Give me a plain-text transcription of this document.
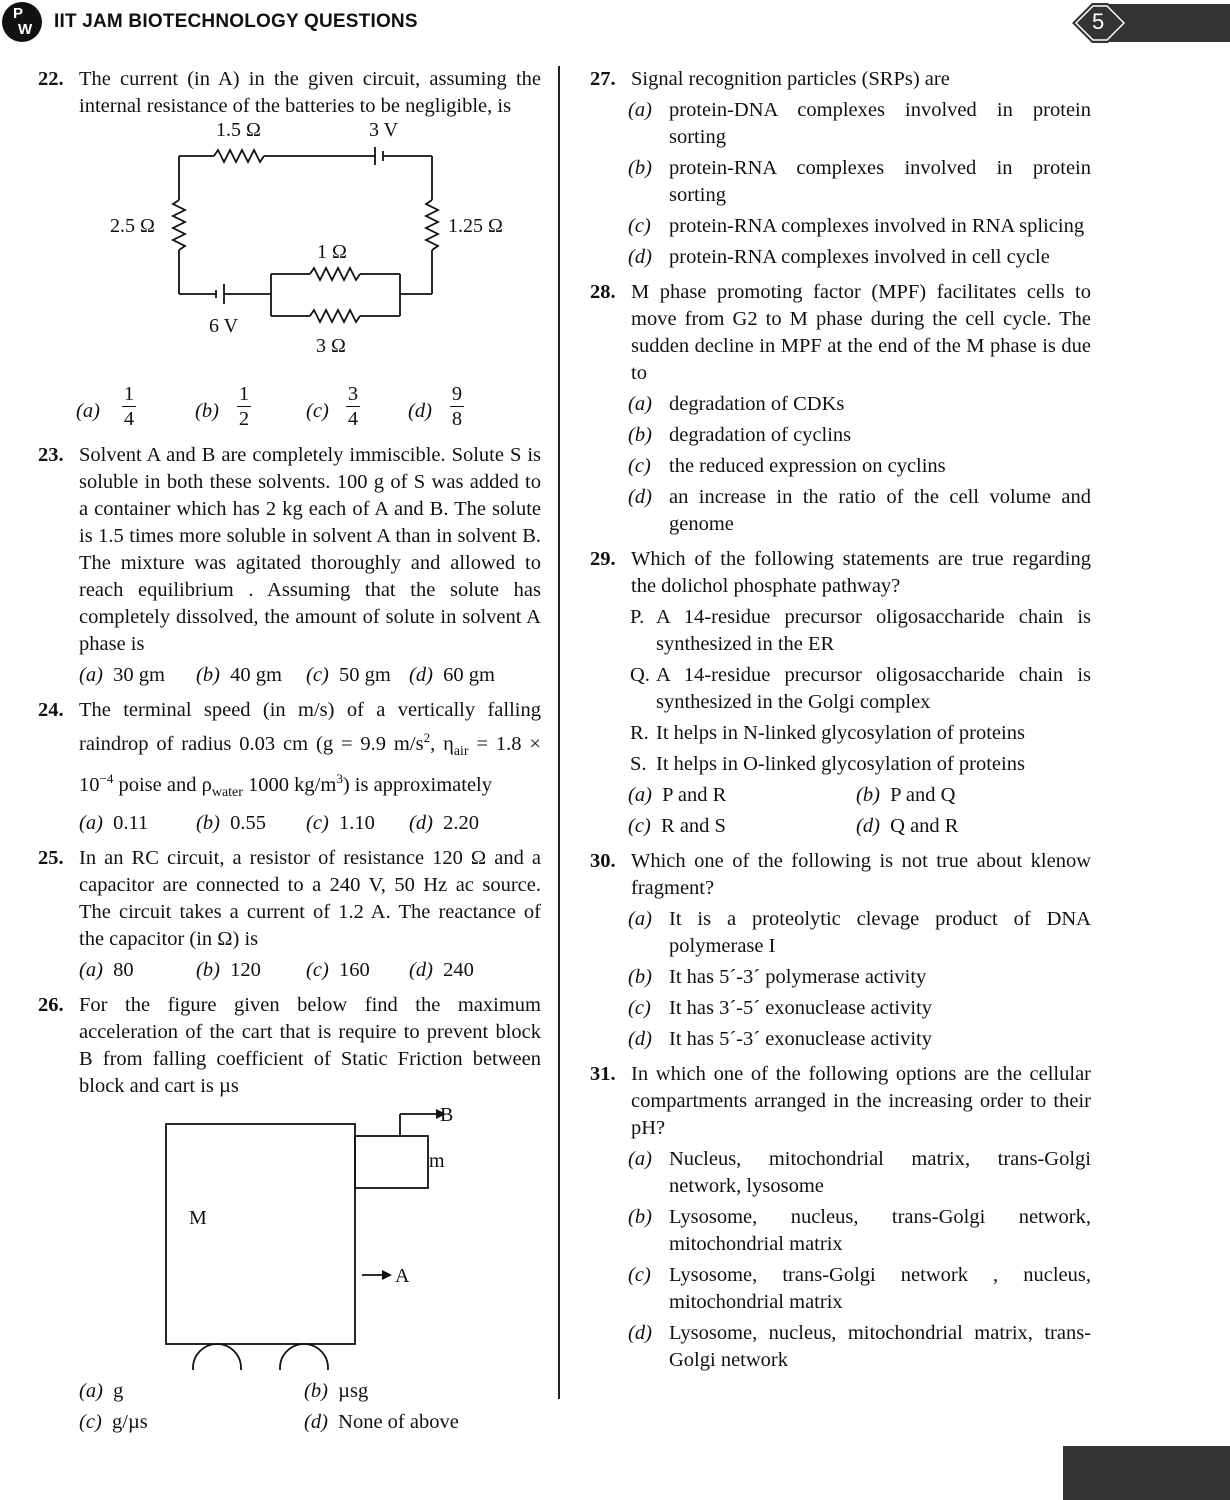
P
W IIT JAM BIOTECHNOLOGY QUESTIONS	5
22. The current (in A) in the given circuit, assuming the internal resistance of the batteries to be negligible, is
1.5 Ω	3 V
2.5 Ω	1.25 Ω
1 Ω
6 V
3 Ω
$(a) \frac{1}{4}$	$(b) \frac{1}{2}$	$(c) \frac{3}{4} (d) \frac{9}{8}$
23. Solvent A and B are completely immiscible. Solute S is soluble in both these solvents. 100 g of S was added to a container which has 2 kg each of A and B. The solute is 1.5 times more soluble in solvent A than in solvent B. The mixture was agitated thoroughly and allowed to reach equilibrium . Assuming that the solute has completely dissolved, the amount of solute in solvent A phase is
(a) 30 gm (b) 40 gm (c) 50 gm (d) 60 gm
24. The terminal speed (in m/s) of a vertically falling raindrop of radius 0.03 cm (g = 9.9 $m/s^2$, $\eta_{air} = 1.8 \times 10^{-4}$ poise and $\rho_{water}$ 1000 $kg/m^3$) is approximately
(a) 0.11 (b) 0.55 (c) 1.10 (d) 2.20
25. In an RC circuit, a resistor of resistance 120 Ω and a capacitor are connected to a 240 V, 50 Hz ac source. The circuit takes a current of 1.2 A. The reactance of the capacitor (in Ω) is
(a) 80	(b) 120 (c) 160 (d) 240
26. For the figure given below find the maximum acceleration of the cart that is require to prevent block B from falling coefficient of Static Friction between block and cart is µs
B
m
M
A
(a) g	(b) µsg
(c) g/µs	(d) None of above
27. Signal recognition particles (SRPs) are
(a) protein-DNA complexes involved in protein sorting
(b) protein-RNA complexes involved in protein sorting
(c) protein-RNA complexes involved in RNA splicing
(d) protein-RNA complexes involved in cell cycle
28. M phase promoting factor (MPF) facilitates cells to move from G2 to M phase during the cell cycle. The sudden decline in MPF at the end of the M phase is due to
(a) degradation of CDKs
(b) degradation of cyclins
(c) the reduced expression on cyclins
(d) an increase in the ratio of the cell volume and genome
29. Which of the following statements are true regarding the dolichol phosphate pathway?
P. A 14-residue precursor oligosaccharide chain is synthesized in the ER
Q. A 14-residue precursor oligosaccharide chain is synthesized in the Golgi complex
R. It helps in N-linked glycosylation of proteins
S. It helps in O-linked glycosylation of proteins
(a) P and R	(b) P and Q
(c) R and S	(d) Q and R
30. Which one of the following is not true about klenow fragment?
(a) It is a proteolytic clevage product of DNA polymerase I
(b) It has 5´-3´ polymerase activity
(c) It has 3´-5´ exonuclease activity
(d) It has 5´-3´ exonuclease activity
31. In which one of the following options are the cellular compartments arranged in the increasing order to their pH?
(a) Nucleus, mitochondrial matrix, trans-Golgi network, lysosome
(b) Lysosome, nucleus, trans-Golgi network, mitochondrial matrix
(c) Lysosome, trans-Golgi network , nucleus, mitochondrial matrix
(d) Lysosome, nucleus, mitochondrial matrix, trans-Golgi network
